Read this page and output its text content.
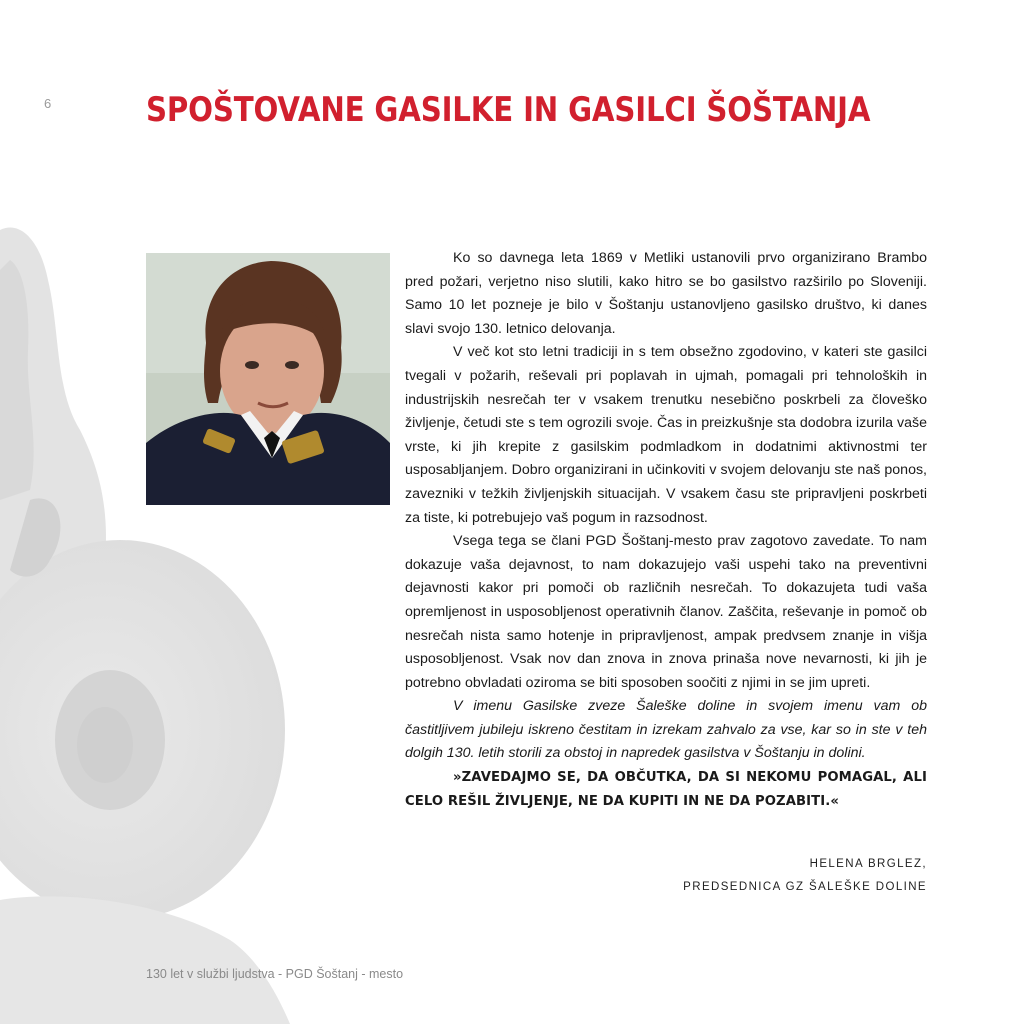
6	SPOŠTOVANE GASILKE IN GASILCI ŠOŠTANJA

Ko so davnega leta 1869 v Metliki ustanovili prvo organizirano Brambo pred požari, verjetno niso slutili, kako hitro se bo gasilstvo razširilo po Sloveniji. Samo 10 let pozneje je bilo v Šoštanju ustanovljeno gasilsko društvo, ki danes slavi svojo 130. letnico delovanja.

V več kot sto letni tradiciji in s tem obsežno zgodovino, v kateri ste gasilci tvegali v požarih, reševali pri poplavah in ujmah, pomagali pri tehnoloških in industrijskih nesrečah ter v vsakem trenutku nesebično poskrbeli za človeško življenje, četudi ste s tem ogrozili svoje. Čas in preizkušnje sta dodobra izurila vaše vrste, ki jih krepite z gasilskim podmladkom in dodatnimi aktivnostmi ter usposabljanjem. Dobro organizirani in učinkoviti v svojem delovanju ste naš ponos, zavezniki v težkih življenjskih situacijah. V vsakem času ste pripravljeni poskrbeti za tiste, ki potrebujejo vaš pogum in razsodnost.

Vsega tega se člani PGD Šoštanj-mesto prav zagotovo zavedate. To nam dokazuje vaša dejavnost, to nam dokazujejo vaši uspehi tako na preventivni dejavnosti kakor pri pomoči ob različnih nesrečah. To dokazujeta tudi vaša opremljenost in usposobljenost operativnih članov. Zaščita, reševanje in pomoč ob nesrečah nista samo hotenje in pripravljenost, ampak predvsem znanje in višja usposobljenost. Vsak nov dan znova in znova prinaša nove nevarnosti, ki jih je potrebno obvladati oziroma se biti sposoben soočiti z njimi in se jim upreti.

V imenu Gasilske zveze Šaleške doline in svojem imenu vam ob častitljivem jubileju iskreno čestitam in izrekam zahvalo za vse, kar so in ste v teh dolgih 130. letih storili za obstoj in napredek gasilstva v Šoštanju in dolini.

»ZAVEDAJMO SE, DA OBČUTKA, DA SI NEKOMU POMAGAL, ALI CELO REŠIL ŽIVLJENJE, NE DA KUPITI IN NE DA POZABITI.«

HELENA BRGLEZ,
PREDSEDNICA GZ ŠALEŠKE DOLINE
130 let v službi ljudstva - PGD Šoštanj - mesto
